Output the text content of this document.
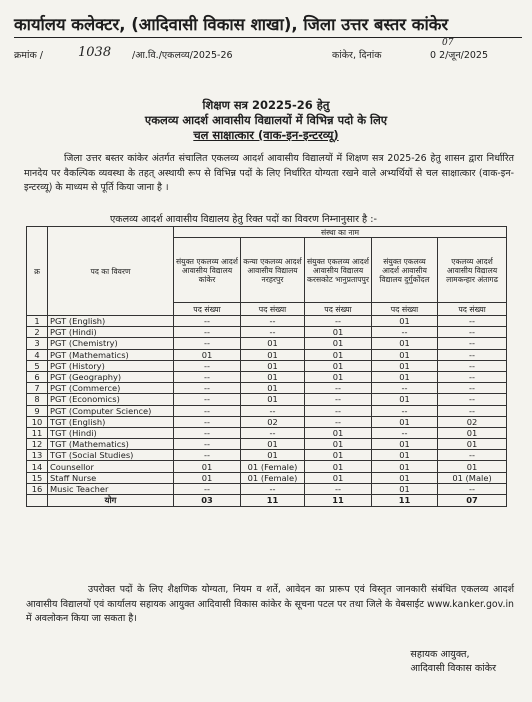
कार्यालय कलेक्टर, (आदिवासी विकास शाखा), जिला उत्तर बस्तर कांकेर
क्रमांक /	1038 /आ.वि./एकलव्य/2025-26	कांकेर, दिनांक
07
0 2/जून/2025
शिक्षण सत्र 20225-26 हेतु
एकलव्य आदर्श आवासीय विद्यालयों में विभिन्न पदो के लिए
चल साक्षात्कार (वाक-इन-इन्टरव्यू)
जिला उत्तर बस्तर कांकेर अंतर्गत संचालित एकलव्य आदर्श आवासीय विद्यालयों में शिक्षण सत्र 2025-26 हेतु शासन द्वारा निर्धारित मानदेय पर वैकल्पिक व्यवस्था के तहत् अस्थायी रूप से विभिन्न पदों के लिए निर्धारित योग्यता रखने वाले अभ्यर्थियों से चल साक्षात्कार (वाक-इन-इन्टरव्यू) के माध्यम से पूर्ति किया जाना है ।
एकलव्य आदर्श आवासीय विद्यालय हेतु रिक्त पदों का विवरण निम्नानुसार है :-
क्र	पद का विवरण	संस्था का नाम				
		संयुक्त एकलव्य आदर्श आवासीय विद्यालय कांकेर	कन्या एकलव्य आदर्श आवासीय विद्यालय नरहरपुर	संयुक्त एकलव्य आदर्श आवासीय विद्यालय करसकोट भानुप्रतापपुर	संयुक्त एकलव्य आदर्श आवासीय विद्यालय दुर्गुकोंदल	एकलव्य आदर्श आवासीय विद्यालय लामकन्हार अंतागढ
		पद संख्या	पद संख्या	पद संख्या	पद संख्या	पद संख्या
1	PGT (English)	--	--	--	01	--
2	PGT (Hindi)	--	--	01	--	--
3	PGT (Chemistry)	--	01	01	01	--
4	PGT (Mathematics)	01	01	01	01	--
5	PGT (History)	--	01	01	01	--
6	PGT (Geography)	--	01	01	01	--
7	PGT (Commerce)	--	01	--	--	--
8	PGT (Economics)	--	01	--	01	--
9	PGT (Computer Science)	--	--	--	--	--
10	TGT (English)	--	02	--	01	02
11	TGT (Hindi)	--	--	01	--	01
12	TGT (Mathematics)	--	01	01	01	01
13	TGT (Social Studies)	--	01	01	01	--
14	Counsellor	01	01 (Female)	01	01	01
15	Staff Nurse	01	01 (Female)	01	01	01 (Male)
16	Music Teacher	--	--	--	01	--
	योग	03	11	11	11	07
उपरोक्त पदों के लिए शैक्षणिक योग्यता, नियम व शर्ते, आवेदन का प्रारूप एवं विस्तृत जानकारी संबंधित एकलव्य आदर्श आवासीय विद्यालयों एवं कार्यालय सहायक आयुक्त आदिवासी विकास कांकेर के सूचना पटल पर तथा जिले के वेबसाईट www.kanker.gov.in में अवलोकन किया जा सकता है।
सहायक आयुक्त,
आदिवासी विकास कांकेर
